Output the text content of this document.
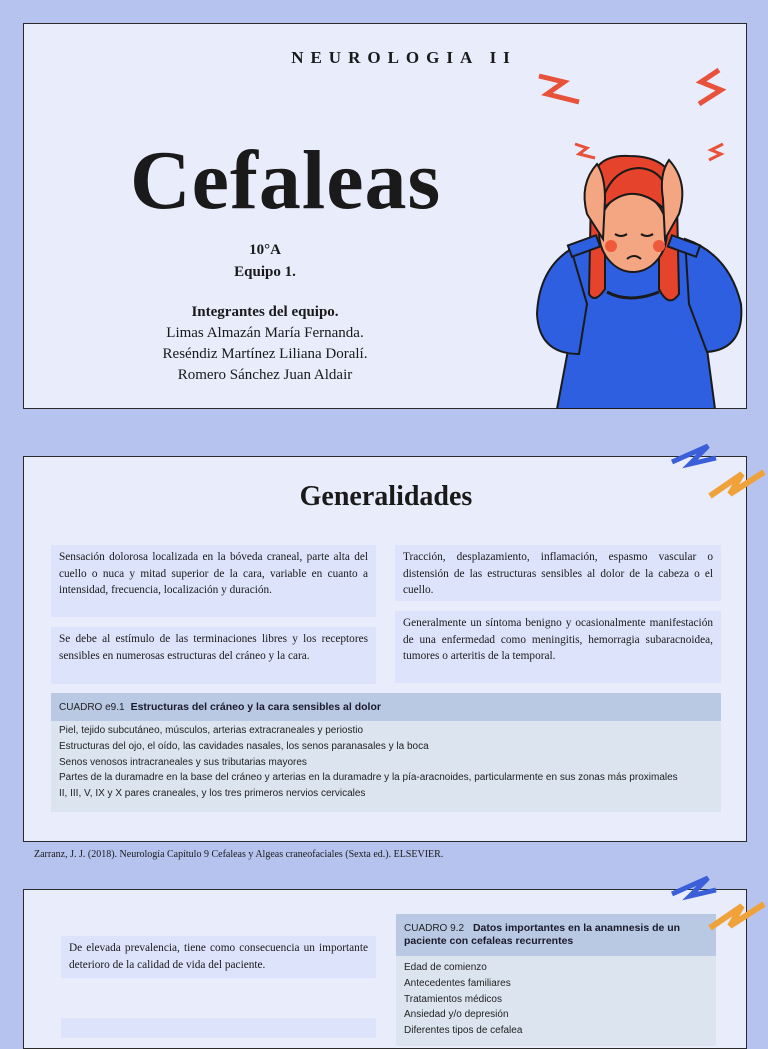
NEUROLOGIA II
Cefaleas
10°A
Equipo 1.
Integrantes del equipo.
Limas Almazán María Fernanda.
Reséndiz Martínez Liliana Doralí.
Romero Sánchez Juan Aldair
Generalidades
Sensación dolorosa localizada en la bóveda craneal, parte alta del cuello o nuca y mitad superior de la cara, variable en cuanto a intensidad, frecuencia, localización y duración.
Se debe al estímulo de las terminaciones libres y los receptores sensibles en numerosas estructuras del cráneo y la cara.
Tracción, desplazamiento, inflamación, espasmo vascular o distensión de las estructuras sensibles al dolor de la cabeza o el cuello.
Generalmente un síntoma benigno y ocasionalmente manifestación de una enfermedad como meningitis, hemorragia subaracnoidea, tumores o arteritis de la temporal.
CUADRO e9.1 Estructuras del cráneo y la cara sensibles al dolor
Piel, tejido subcutáneo, músculos, arterias extracraneales y periostio
Estructuras del ojo, el oído, las cavidades nasales, los senos paranasales y la boca
Senos venosos intracraneales y sus tributarias mayores
Partes de la duramadre en la base del cráneo y arterias en la duramadre y la pía-aracnoides, particularmente en sus zonas más proximales
II, III, V, IX y X pares craneales, y los tres primeros nervios cervicales
Zarranz, J. J. (2018). Neurología Capítulo 9 Cefaleas y Algeas craneofaciales (Sexta ed.). ELSEVIER.
De elevada prevalencia, tiene como consecuencia un importante deterioro de la calidad de vida del paciente.
CUADRO 9.2 Datos importantes en la anamnesis de un paciente con cefaleas recurrentes
Edad de comienzo
Antecedentes familiares
Tratamientos médicos
Ansiedad y/o depresión
Diferentes tipos de cefalea
